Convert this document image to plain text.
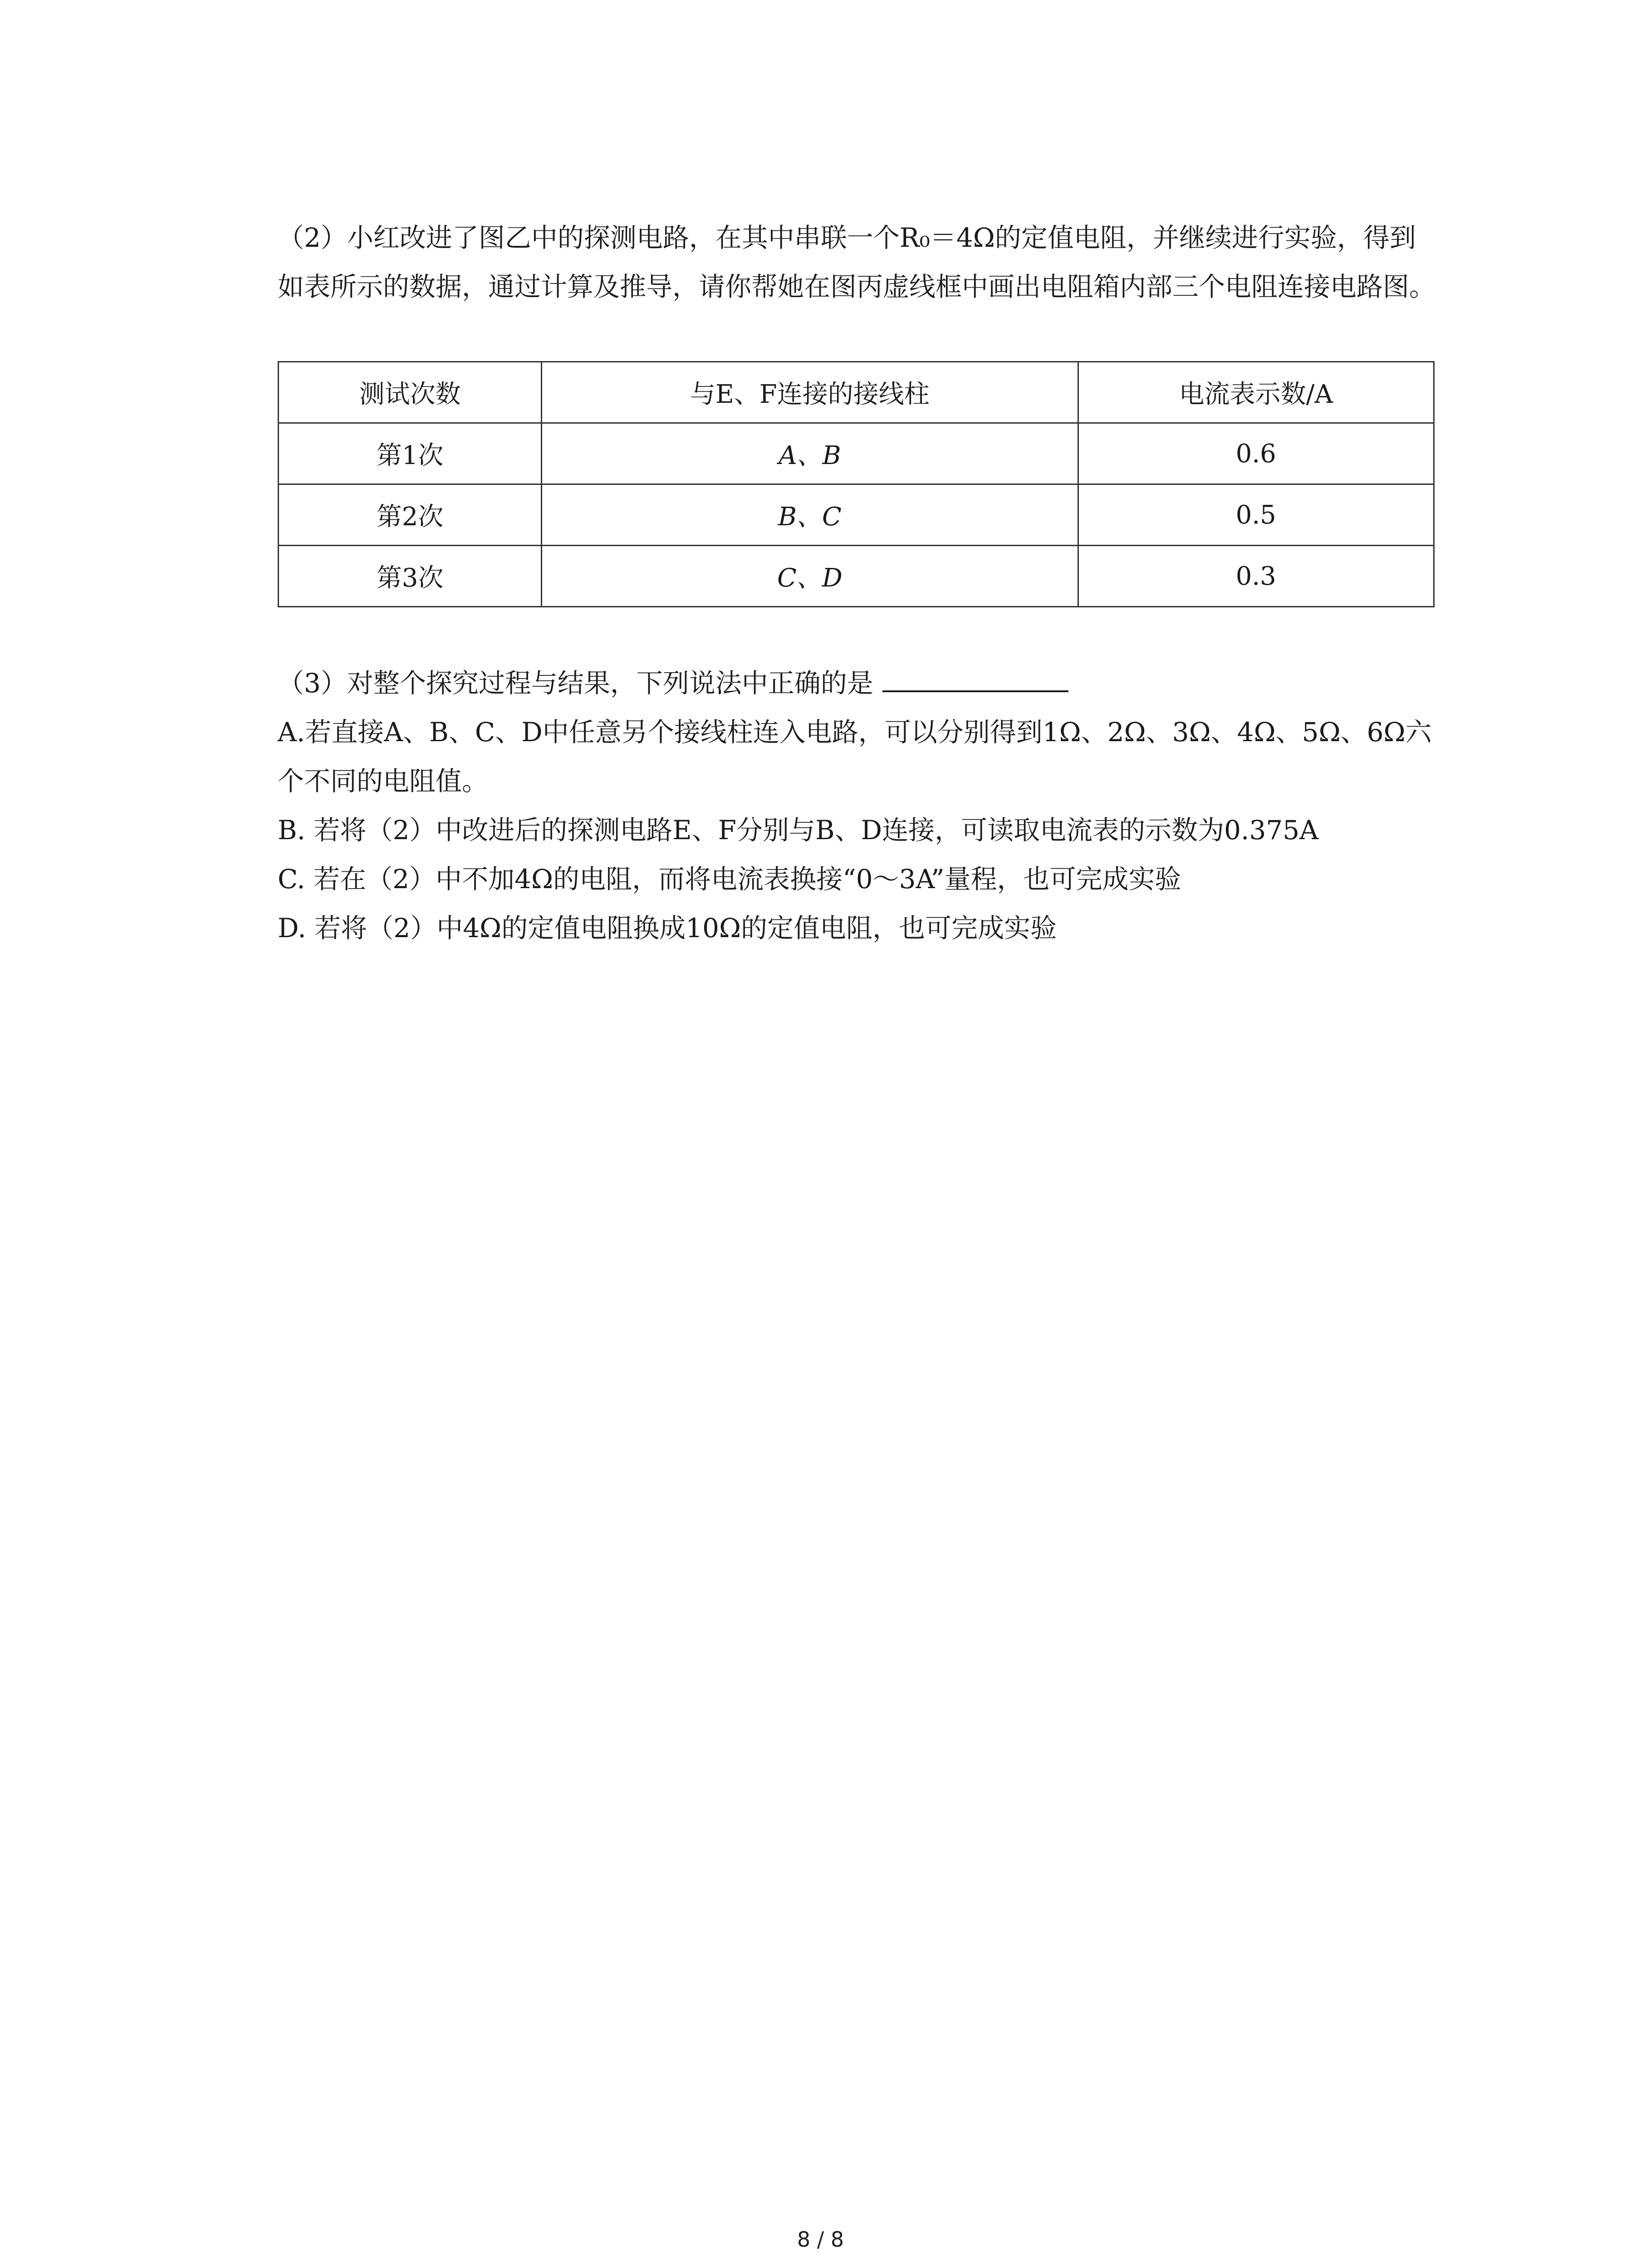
（2）小红改进了图乙中的探测电路，在其中串联一个R₀＝4Ω的定值电阻，并继续进行实验，得到如表所示的数据，通过计算及推导，请你帮她在图丙虚线框中画出电阻箱内部三个电阻连接电路图。

测试次数	与E、F连接的接线柱	电流表示数/A
第1次	A、B	0.6
第2次	B、C	0.5
第3次	C、D	0.3

（3）对整个探究过程与结果，下列说法中正确的是

A.若直接A、B、C、D中任意另个接线柱连入电路，可以分别得到1Ω、2Ω、3Ω、4Ω、5Ω、6Ω六个不同的电阻值。

B. 若将（2）中改进后的探测电路E、F分别与B、D连接，可读取电流表的示数为0.375A

C. 若在（2）中不加4Ω的电阻，而将电流表换接“0～3A”量程，也可完成实验

D. 若将（2）中4Ω的定值电阻换成10Ω的定值电阻，也可完成实验

8 / 8
